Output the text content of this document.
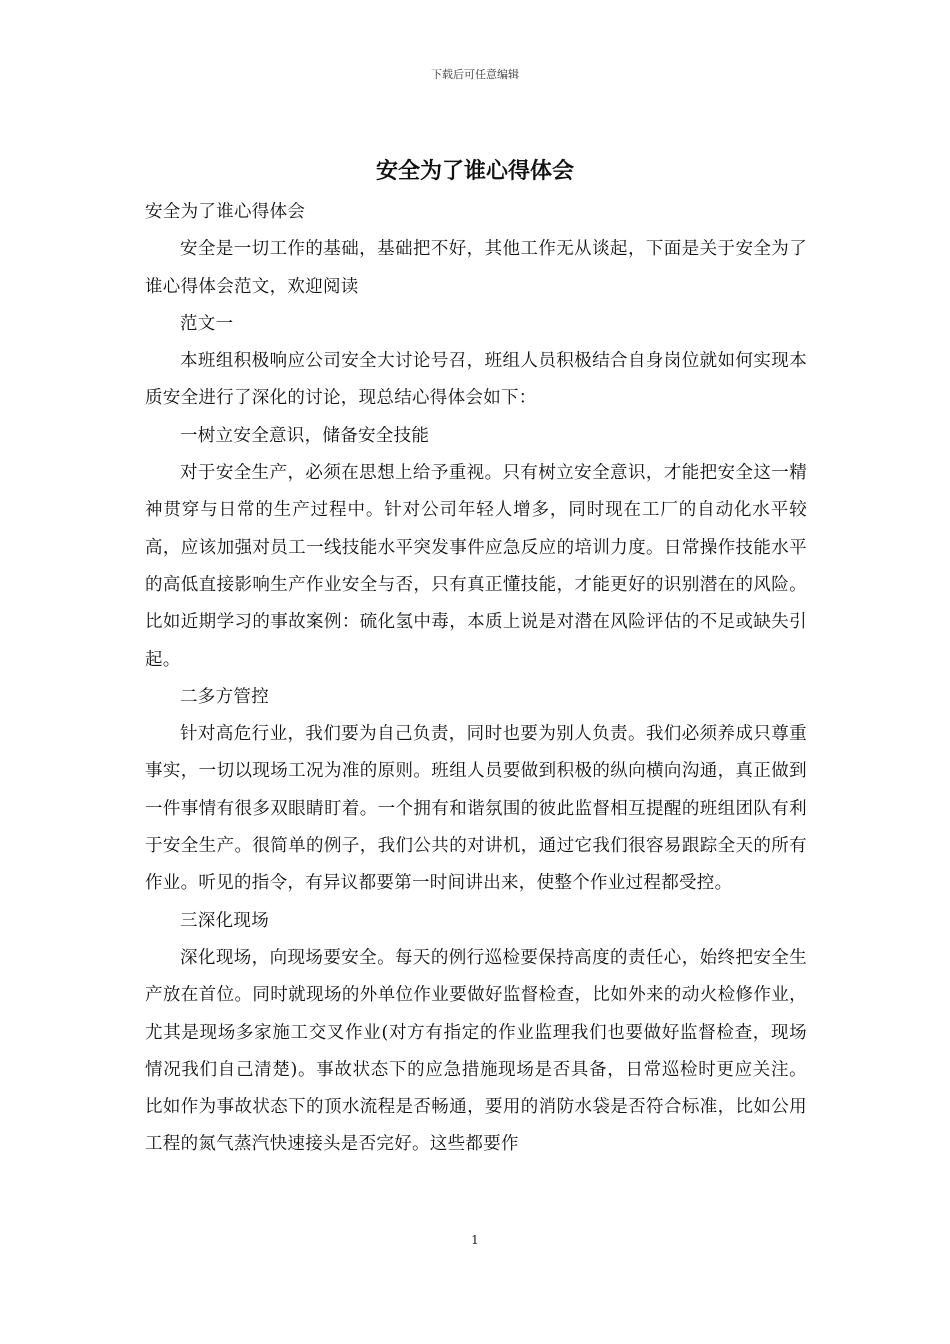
下载后可任意编辑
安全为了谁心得体会

安全为了谁心得体会

安全是一切工作的基础，基础把不好，其他工作无从谈起，下面是关于安全为了谁心得体会范文，欢迎阅读

范文一

本班组积极响应公司安全大讨论号召，班组人员积极结合自身岗位就如何实现本质安全进行了深化的讨论，现总结心得体会如下：

一树立安全意识，储备安全技能

对于安全生产，必须在思想上给予重视。只有树立安全意识，才能把安全这一精神贯穿与日常的生产过程中。针对公司年轻人增多，同时现在工厂的自动化水平较高，应该加强对员工一线技能水平突发事件应急反应的培训力度。日常操作技能水平的高低直接影响生产作业安全与否，只有真正懂技能，才能更好的识别潜在的风险。比如近期学习的事故案例：硫化氢中毒，本质上说是对潜在风险评估的不足或缺失引起。

二多方管控

针对高危行业，我们要为自己负责，同时也要为别人负责。我们必须养成只尊重事实，一切以现场工况为准的原则。班组人员要做到积极的纵向横向沟通，真正做到一件事情有很多双眼睛盯着。一个拥有和谐氛围的彼此监督相互提醒的班组团队有利于安全生产。很简单的例子，我们公共的对讲机，通过它我们很容易跟踪全天的所有作业。听见的指令，有异议都要第一时间讲出来，使整个作业过程都受控。

三深化现场

深化现场，向现场要安全。每天的例行巡检要保持高度的责任心，始终把安全生产放在首位。同时就现场的外单位作业要做好监督检查，比如外来的动火检修作业，尤其是现场多家施工交叉作业(对方有指定的作业监理我们也要做好监督检查，现场情况我们自己清楚)。事故状态下的应急措施现场是否具备，日常巡检时更应关注。比如作为事故状态下的顶水流程是否畅通，要用的消防水袋是否符合标准，比如公用工程的氮气蒸汽快速接头是否完好。这些都要作

1
